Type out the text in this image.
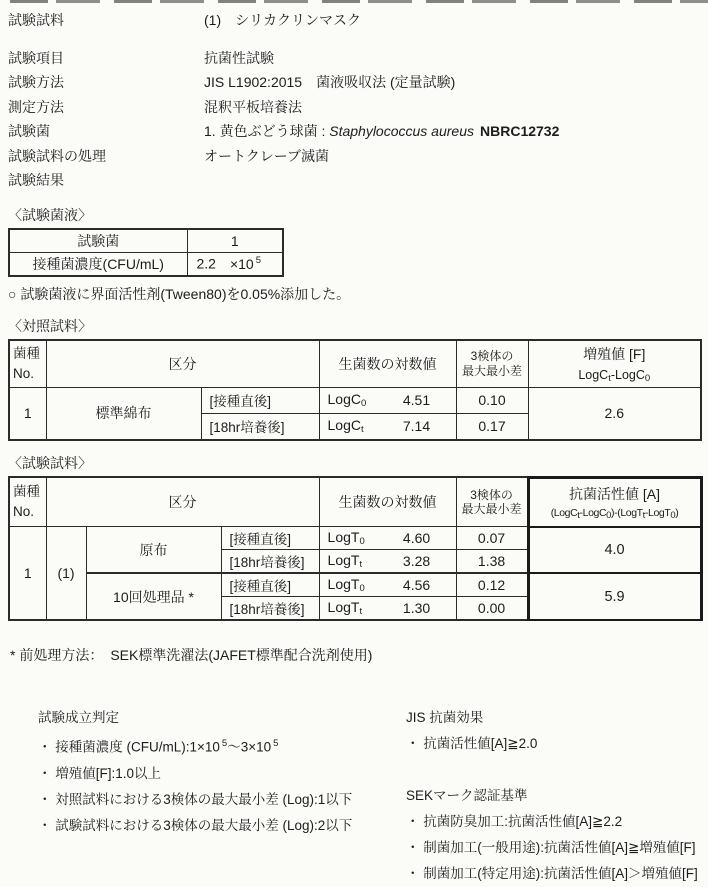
試験試料	(1)　シリカクリンマスク
試験項目	抗菌性試験
試験方法	JIS L1902:2015　菌液吸収法 (定量試験)
測定方法	混釈平板培養法
試験菌	1. 黄色ぶどう球菌 : Staphylococcus aureus NBRC12732
試験試料の処理	オートクレーブ滅菌
試験結果
〈試験菌液〉
試験菌	1
接種菌濃度(CFU/mL)	2.2 ×10 $^5$
○ 試験菌液に界面活性剤(Tween80)を0.05%添加した。
〈対照試料〉
菌種
No.
	区分	生菌数の対数値	3検体の
最大最小差

増殖値 [F]
LogC$_t$-LogC$_0$

1	標準綿布	[接種直後]	LogC$_0$ 4.51	0.10	2.6
		[18hr培養後]	LogC$_t$ 7.14	0.17	
〈試験試料〉
菌種
No.
	区分	生菌数の対数値	3検体の
最大最小差

抗菌活性値 [A]
(LogC$_t$-LogC$_0$)-(LogT$_t$-LogT$_0$)

1	(1)	原布	[接種直後]	LogT$_0$ 4.60	0.07	4.0
			[18hr培養後]	LogT$_t$ 3.28	1.38	
		10回処理品 *	[接種直後]	LogT$_0$ 4.56	0.12	5.9
			[18hr培養後]	LogT$_t$ 1.30	0.00	
* 前処理方法：　SEK標準洗濯法(JAFET標準配合洗剤使用)
試験成立判定
・ 接種菌濃度 (CFU/mL):1×10 $^5$〜3×10 $^5$
・ 増殖値[F]:1.0以上
・ 対照試料における3検体の最大最小差 (Log):1以下
・ 試験試料における3検体の最大最小差 (Log):2以下
JIS 抗菌効果
・ 抗菌活性値[A]≧2.0
SEKマーク認証基準
・ 抗菌防臭加工:抗菌活性値[A]≧2.2
・ 制菌加工(一般用途):抗菌活性値[A]≧増殖値[F]
・ 制菌加工(特定用途):抗菌活性値[A]＞増殖値[F]
